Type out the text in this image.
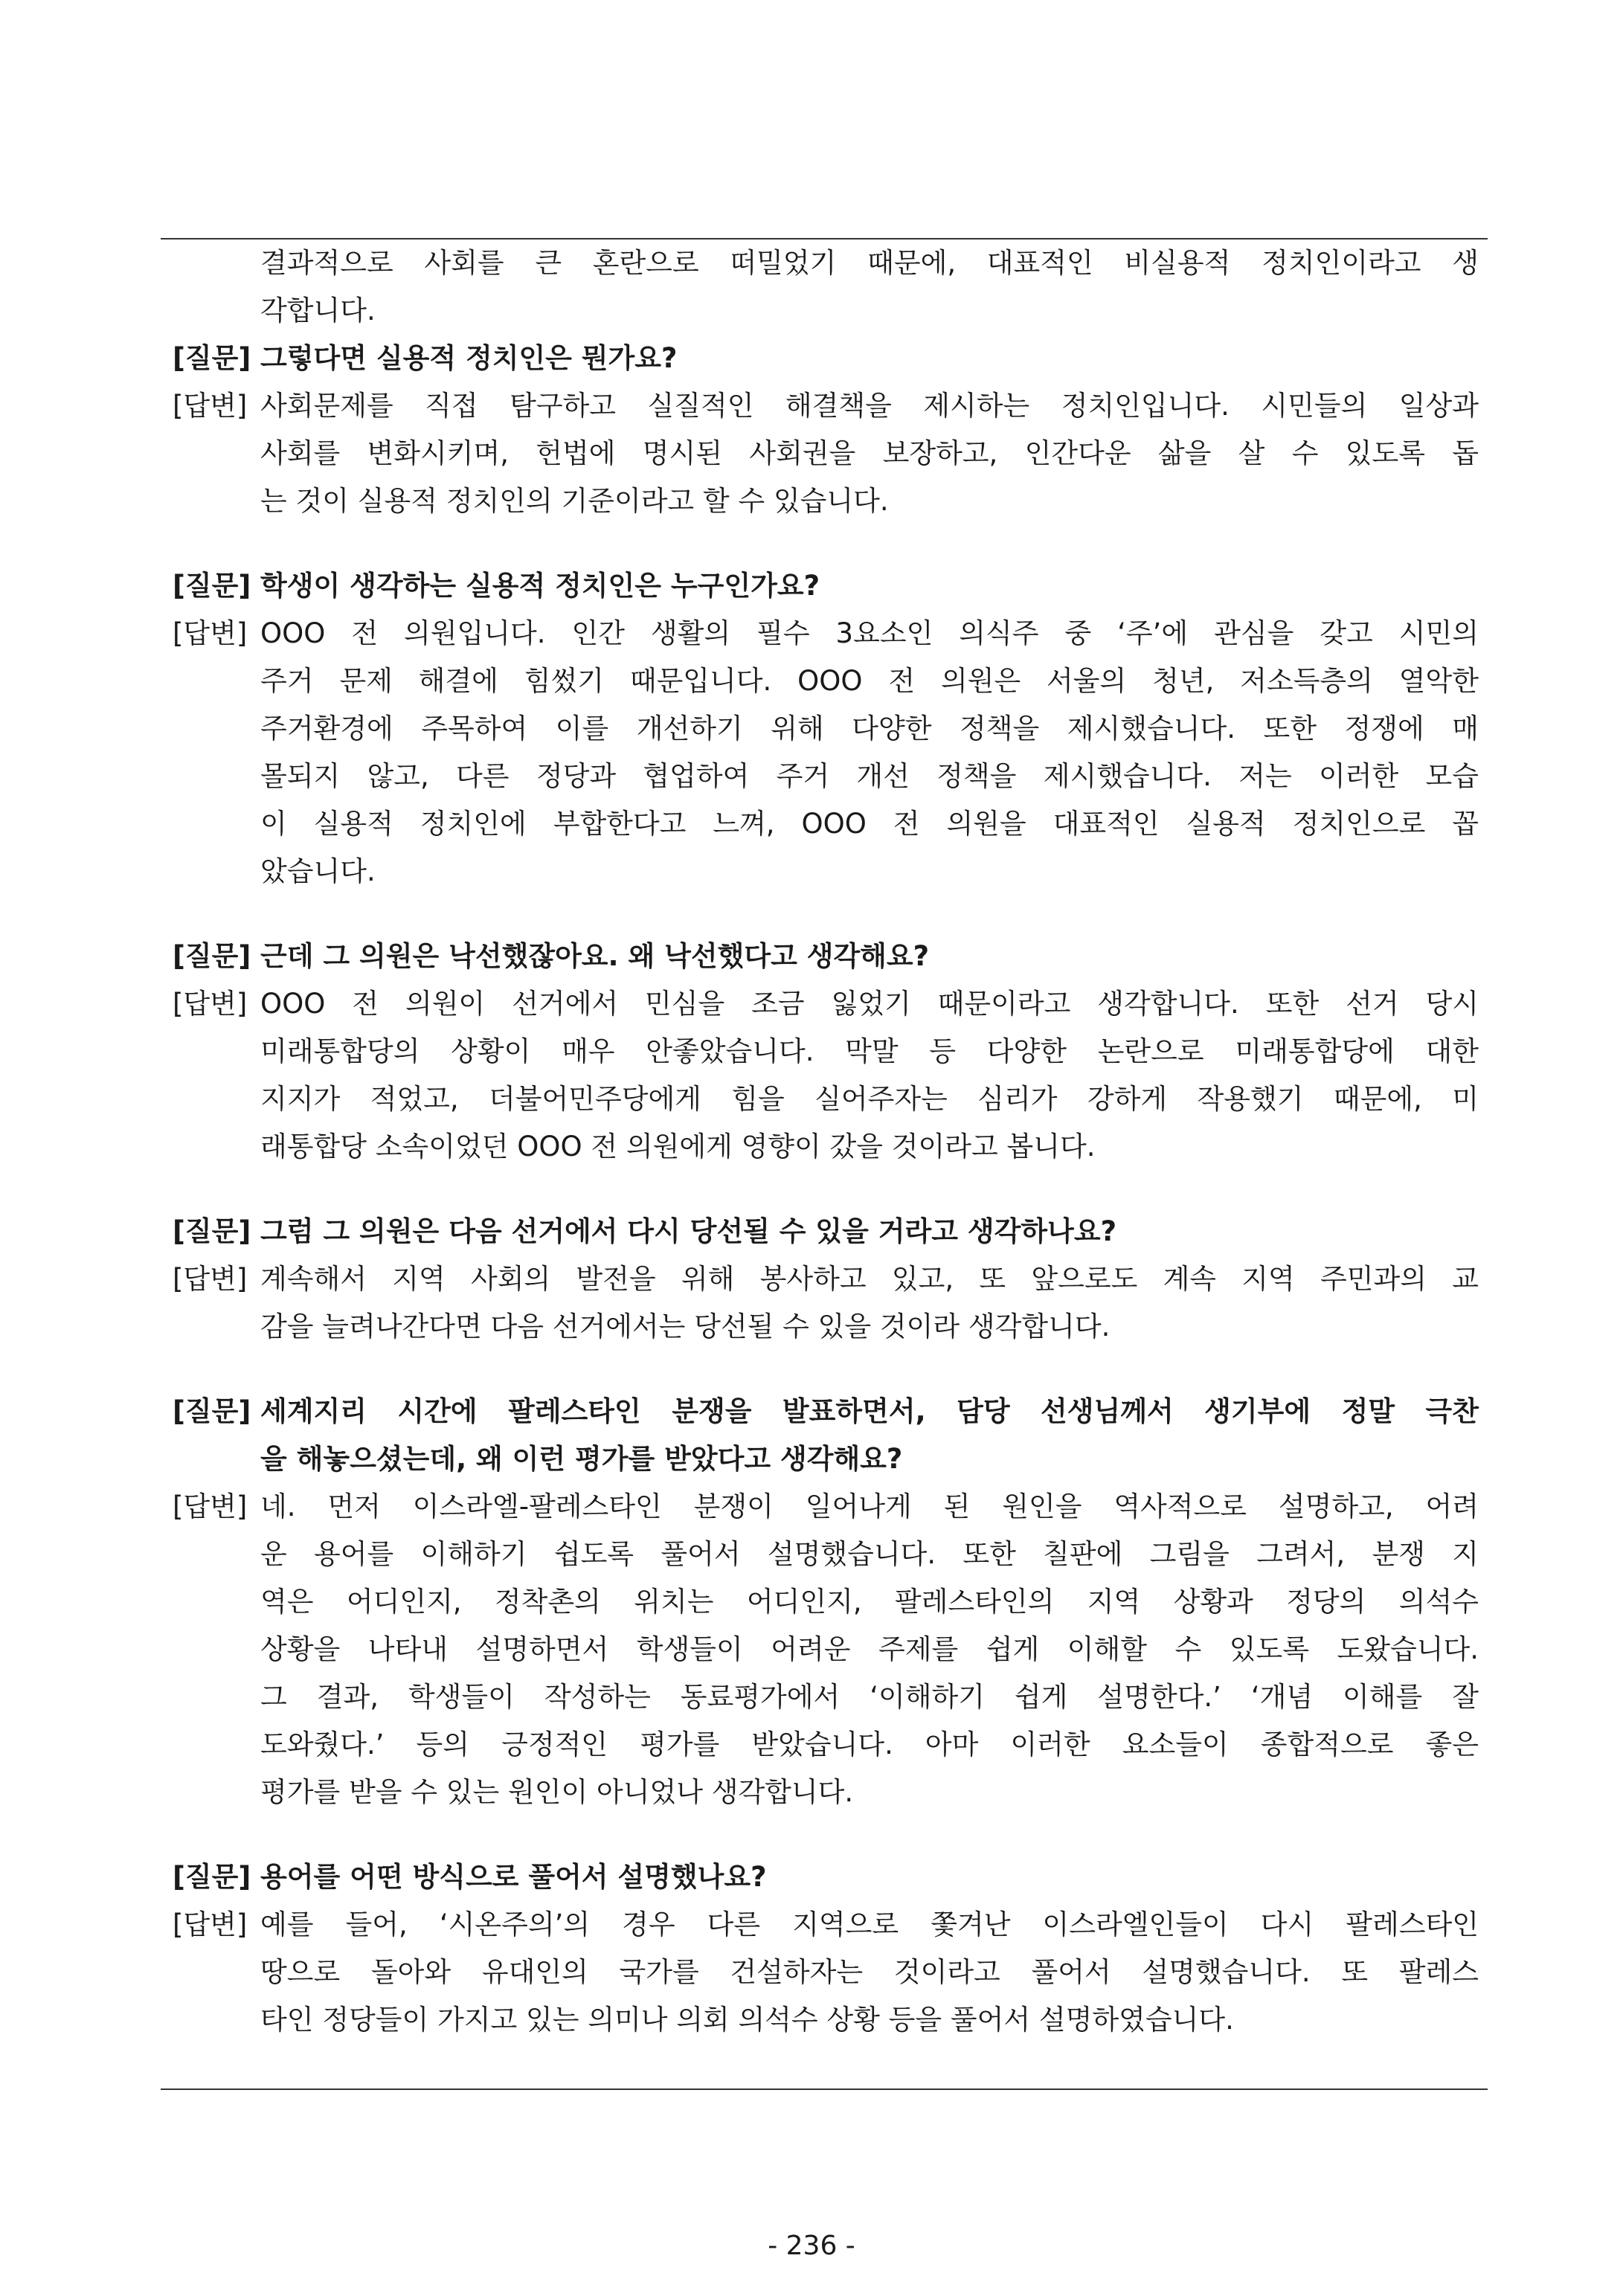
결과적으로 사회를 큰 혼란으로 떠밀었기 때문에, 대표적인 비실용적 정치인이라고 생
각합니다.
[질문] 그렇다면 실용적 정치인은 뭔가요?
[답변] 사회문제를 직접 탐구하고 실질적인 해결책을 제시하는 정치인입니다. 시민들의 일상과
사회를 변화시키며, 헌법에 명시된 사회권을 보장하고, 인간다운 삶을 살 수 있도록 돕
는 것이 실용적 정치인의 기준이라고 할 수 있습니다.
[질문] 학생이 생각하는 실용적 정치인은 누구인가요?
[답변] OOO 전 의원입니다. 인간 생활의 필수 3요소인 의식주 중 ‘주’에 관심을 갖고 시민의
주거 문제 해결에 힘썼기 때문입니다. OOO 전 의원은 서울의 청년, 저소득층의 열악한
주거환경에 주목하여 이를 개선하기 위해 다양한 정책을 제시했습니다. 또한 정쟁에 매
몰되지 않고, 다른 정당과 협업하여 주거 개선 정책을 제시했습니다. 저는 이러한 모습
이 실용적 정치인에 부합한다고 느껴, OOO 전 의원을 대표적인 실용적 정치인으로 꼽
았습니다.
[질문] 근데 그 의원은 낙선했잖아요. 왜 낙선했다고 생각해요?
[답변] OOO 전 의원이 선거에서 민심을 조금 잃었기 때문이라고 생각합니다. 또한 선거 당시
미래통합당의 상황이 매우 안좋았습니다. 막말 등 다양한 논란으로 미래통합당에 대한
지지가 적었고, 더불어민주당에게 힘을 실어주자는 심리가 강하게 작용했기 때문에, 미
래통합당 소속이었던 OOO 전 의원에게 영향이 갔을 것이라고 봅니다.
[질문] 그럼 그 의원은 다음 선거에서 다시 당선될 수 있을 거라고 생각하나요?
[답변] 계속해서 지역 사회의 발전을 위해 봉사하고 있고, 또 앞으로도 계속 지역 주민과의 교
감을 늘려나간다면 다음 선거에서는 당선될 수 있을 것이라 생각합니다.
[질문] 세계지리 시간에 팔레스타인 분쟁을 발표하면서, 담당 선생님께서 생기부에 정말 극찬
을 해놓으셨는데, 왜 이런 평가를 받았다고 생각해요?
[답변] 네. 먼저 이스라엘-팔레스타인 분쟁이 일어나게 된 원인을 역사적으로 설명하고, 어려
운 용어를 이해하기 쉽도록 풀어서 설명했습니다. 또한 칠판에 그림을 그려서, 분쟁 지
역은 어디인지, 정착촌의 위치는 어디인지, 팔레스타인의 지역 상황과 정당의 의석수
상황을 나타내 설명하면서 학생들이 어려운 주제를 쉽게 이해할 수 있도록 도왔습니다.
그 결과, 학생들이 작성하는 동료평가에서 ‘이해하기 쉽게 설명한다.’ ‘개념 이해를 잘
도와줬다.’ 등의 긍정적인 평가를 받았습니다. 아마 이러한 요소들이 종합적으로 좋은
평가를 받을 수 있는 원인이 아니었나 생각합니다.
[질문] 용어를 어떤 방식으로 풀어서 설명했나요?
[답변] 예를 들어, ‘시온주의’의 경우 다른 지역으로 쫓겨난 이스라엘인들이 다시 팔레스타인
땅으로 돌아와 유대인의 국가를 건설하자는 것이라고 풀어서 설명했습니다. 또 팔레스
타인 정당들이 가지고 있는 의미나 의회 의석수 상황 등을 풀어서 설명하였습니다.
- 236 -
